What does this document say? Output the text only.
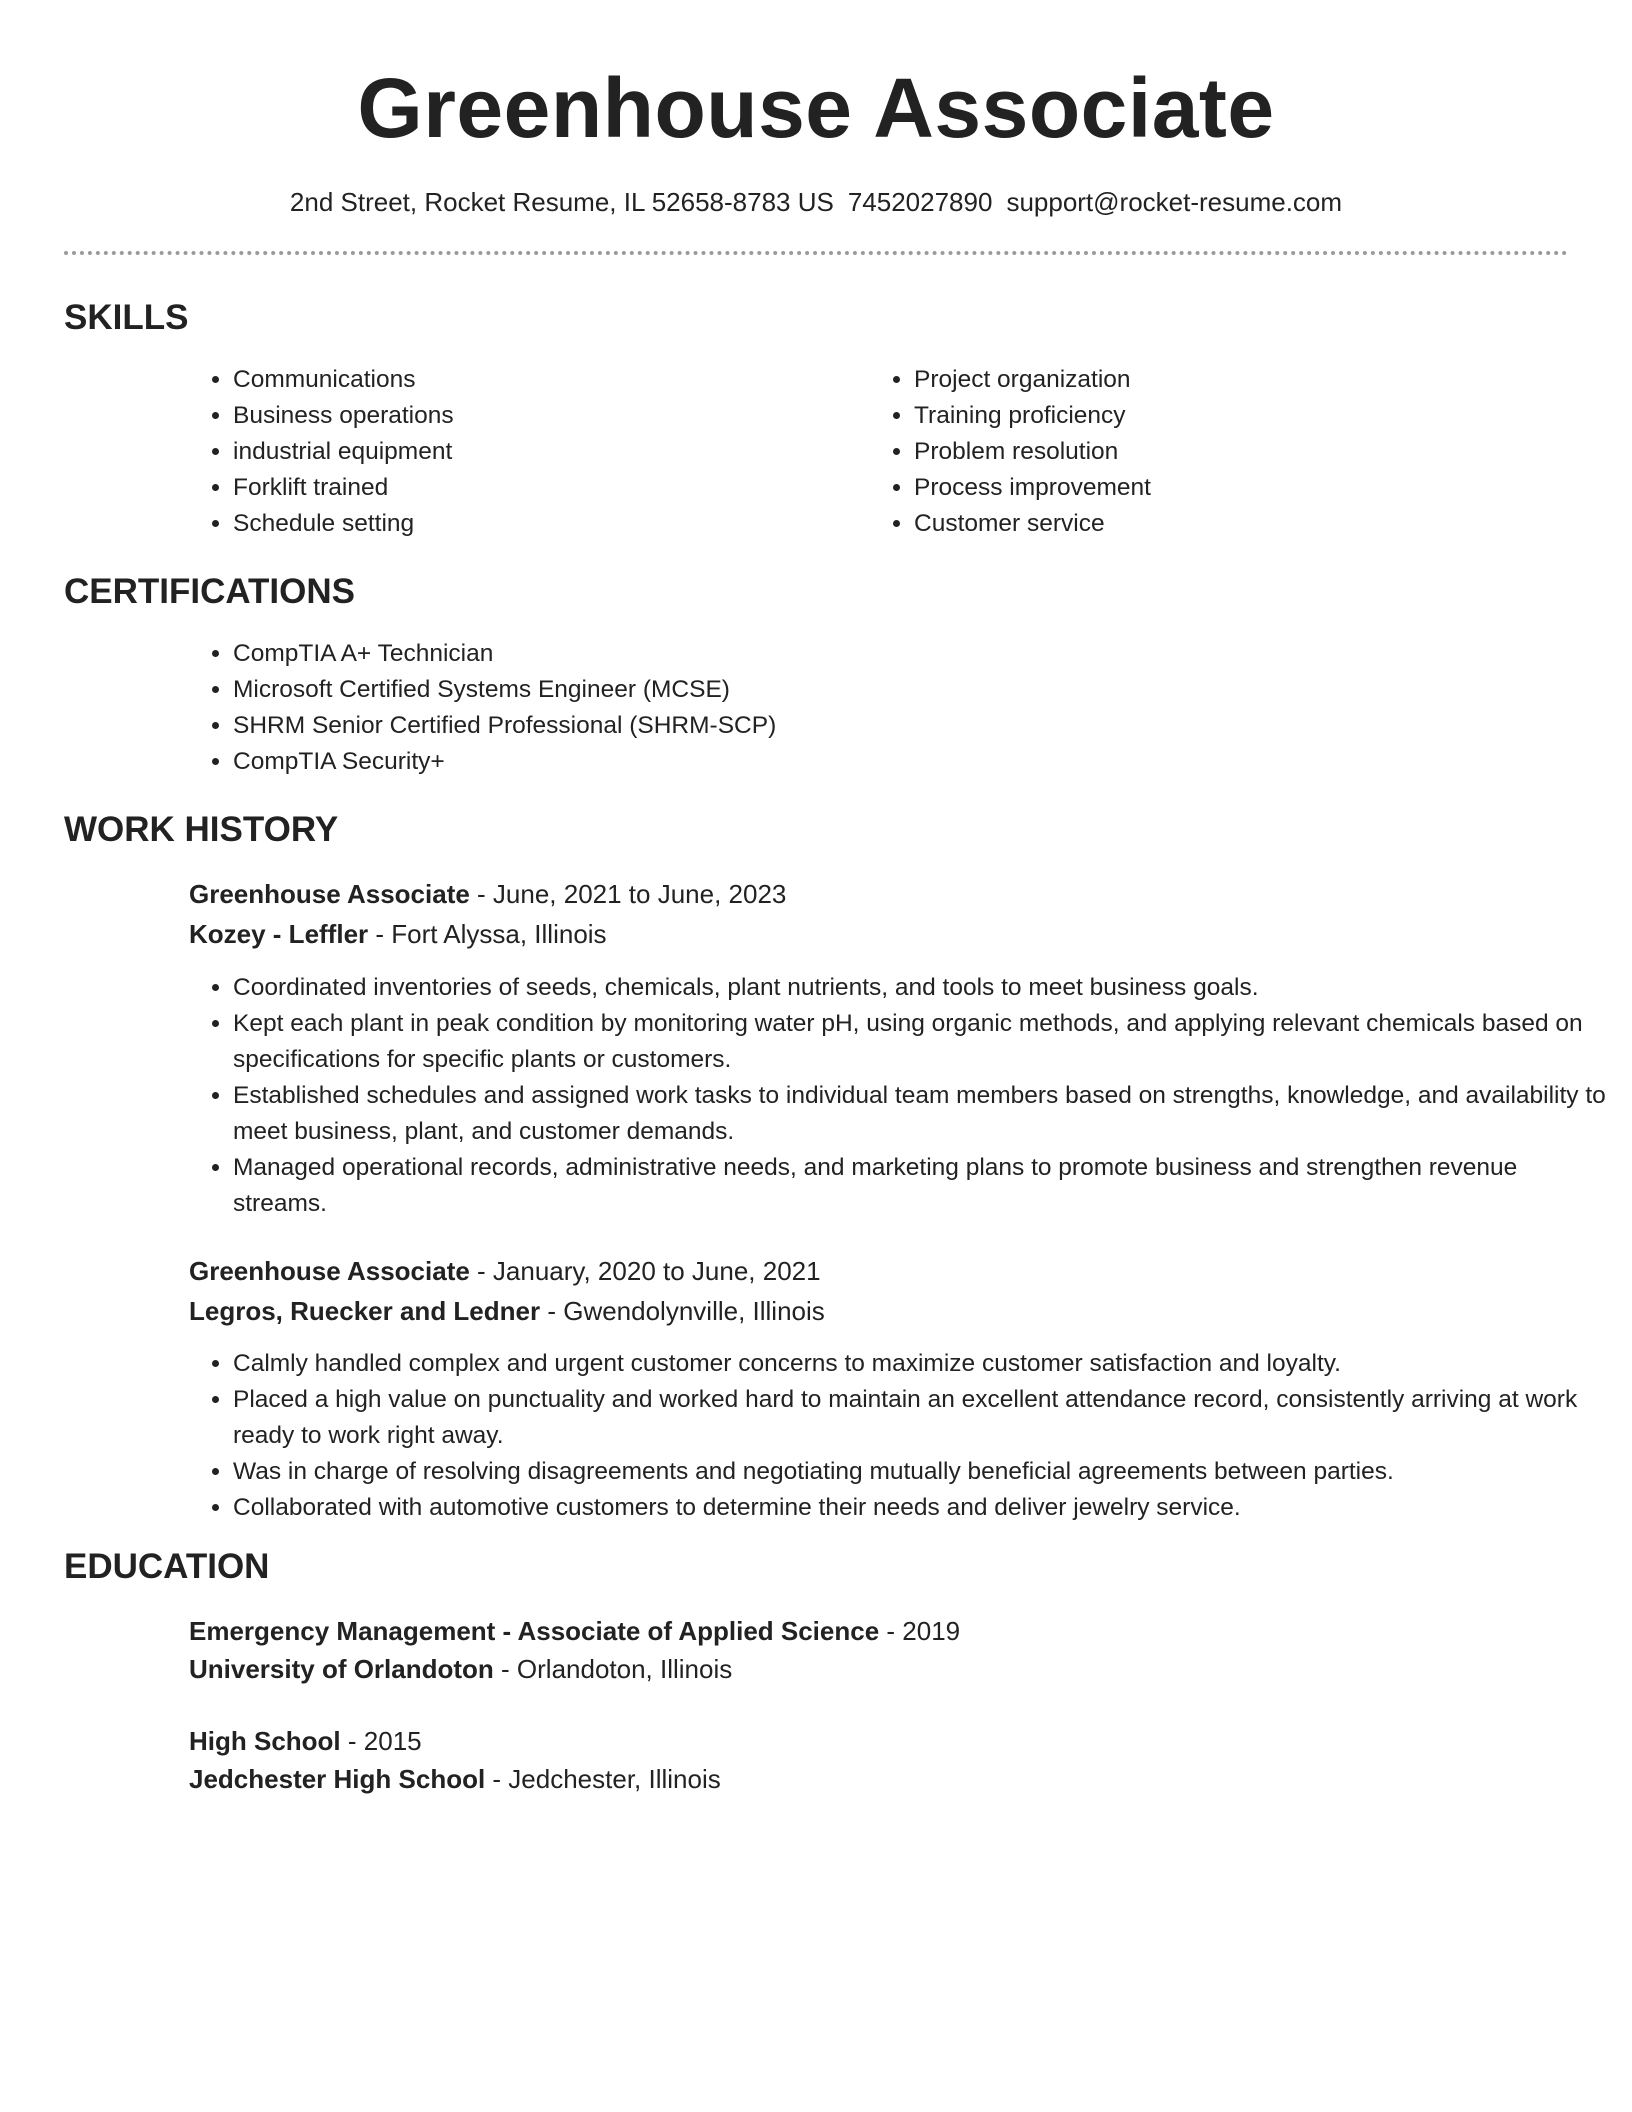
Greenhouse Associate
2nd Street, Rocket Resume, IL 52658-8783 US 7452027890 support@rocket-resume.com
SKILLS
• Communications
• Business operations
• industrial equipment
• Forklift trained
• Schedule setting
• Project organization
• Training proficiency
• Problem resolution
• Process improvement
• Customer service
CERTIFICATIONS
• CompTIA A+ Technician
• Microsoft Certified Systems Engineer (MCSE)
• SHRM Senior Certified Professional (SHRM-SCP)
• CompTIA Security+
WORK HISTORY
Greenhouse Associate - June, 2021 to June, 2023
Kozey - Leffler - Fort Alyssa, Illinois
• Coordinated inventories of seeds, chemicals, plant nutrients, and tools to meet business goals.
• Kept each plant in peak condition by monitoring water pH, using organic methods, and applying relevant chemicals based on specifications for specific plants or customers.
• Established schedules and assigned work tasks to individual team members based on strengths, knowledge, and availability to meet business, plant, and customer demands.
• Managed operational records, administrative needs, and marketing plans to promote business and strengthen revenue streams.
Greenhouse Associate - January, 2020 to June, 2021
Legros, Ruecker and Ledner - Gwendolynville, Illinois
• Calmly handled complex and urgent customer concerns to maximize customer satisfaction and loyalty.
• Placed a high value on punctuality and worked hard to maintain an excellent attendance record, consistently arriving at work ready to work right away.
• Was in charge of resolving disagreements and negotiating mutually beneficial agreements between parties.
• Collaborated with automotive customers to determine their needs and deliver jewelry service.
EDUCATION
Emergency Management - Associate of Applied Science - 2019
University of Orlandoton - Orlandoton, Illinois
High School - 2015
Jedchester High School - Jedchester, Illinois
